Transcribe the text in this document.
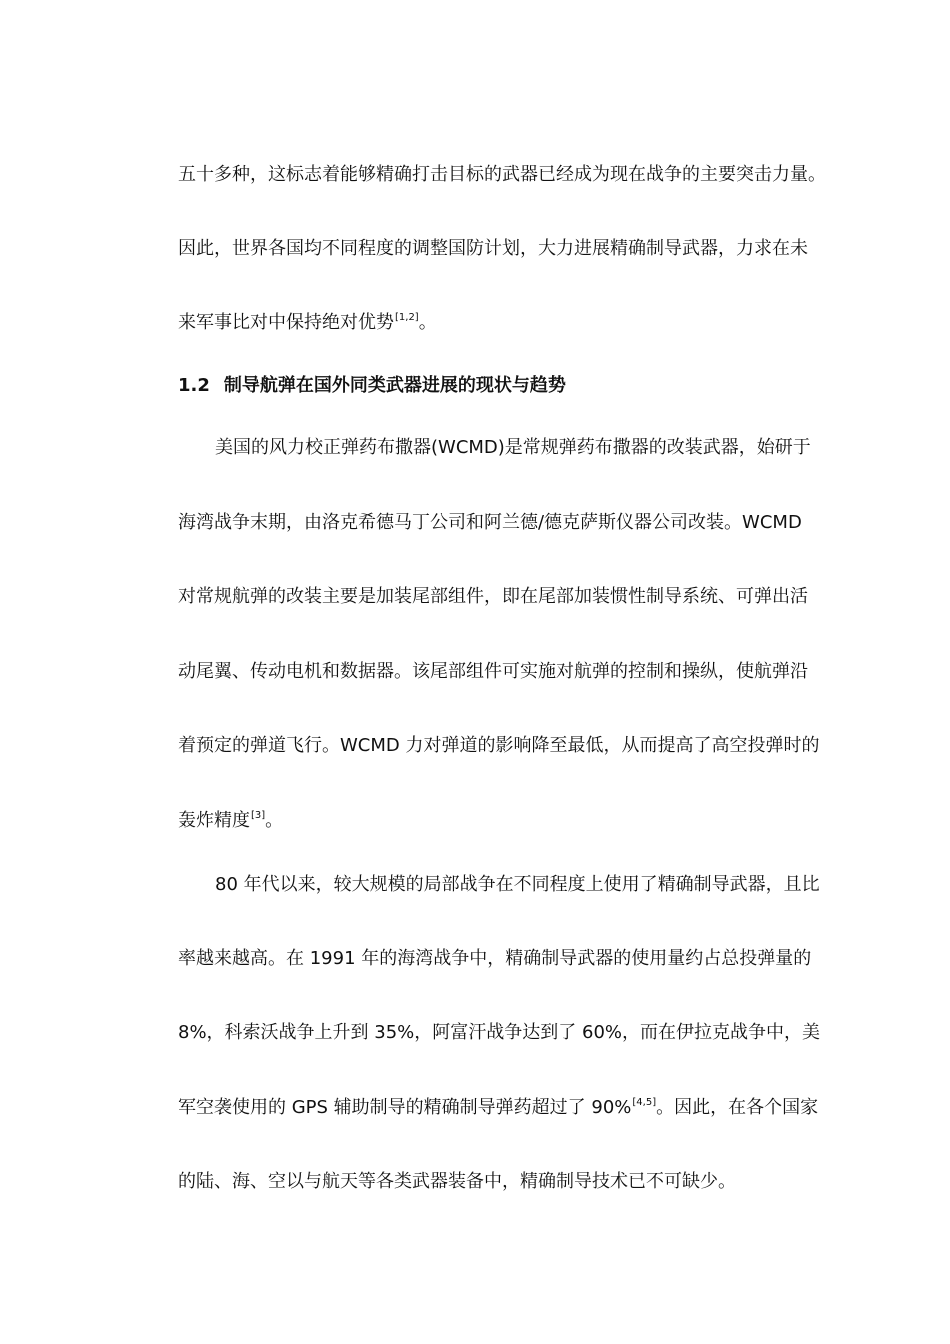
五十多种，这标志着能够精确打击目标的武器已经成为现在战争的主要突击力量。
因此，世界各国均不同程度的调整国防计划，大力进展精确制导武器，力求在未
来军事比对中保持绝对优势[1,2]。
1.2 制导航弹在国外同类武器进展的现状与趋势
美国的风力校正弹药布撒器(WCMD)是常规弹药布撒器的改装武器，始研于
海湾战争末期，由洛克希德马丁公司和阿兰德/德克萨斯仪器公司改装。WCMD
对常规航弹的改装主要是加装尾部组件，即在尾部加装惯性制导系统、可弹出活
动尾翼、传动电机和数据器。该尾部组件可实施对航弹的控制和操纵，使航弹沿
着预定的弹道飞行。WCMD 力对弹道的影响降至最低，从而提高了高空投弹时的
轰炸精度[3]。
80 年代以来，较大规模的局部战争在不同程度上使用了精确制导武器，且比
率越来越高。在 1991 年的海湾战争中，精确制导武器的使用量约占总投弹量的
8%，科索沃战争上升到 35%，阿富汗战争达到了 60%，而在伊拉克战争中，美
军空袭使用的 GPS 辅助制导的精确制导弹药超过了 90%[4,5]。因此，在各个国家
的陆、海、空以与航天等各类武器装备中，精确制导技术已不可缺少。
